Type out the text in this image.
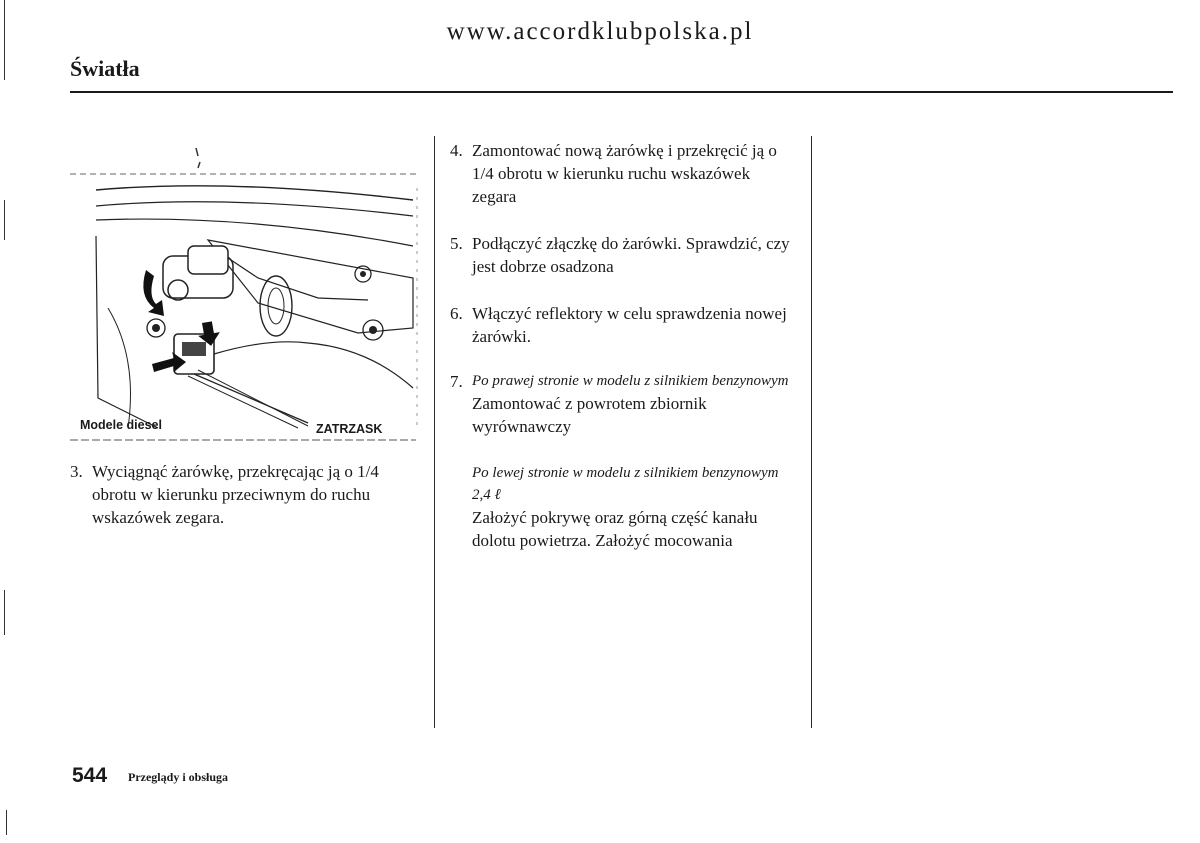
www.accordklubpolska.pl
Światła
Modele diesel	ZATRZASK
3. Wyciągnąć żarówkę, przekręcając ją o 1/4 obrotu w kierunku przeciwnym do ruchu wskazówek zegara.
4. Zamontować nową żarówkę i przekręcić ją o 1/4 obrotu w kierunku ruchu wskazówek zegara
5. Podłączyć złączkę do żarówki. Sprawdzić, czy jest dobrze osadzona
6. Włączyć reflektory w celu sprawdzenia nowej żarówki.
7. Po prawej stronie w modelu z silnikiem benzynowym
Zamontować z powrotem zbiornik wyrównawczy
Po lewej stronie w modelu z silnikiem benzynowym 2,4 ℓ
Założyć pokrywę oraz górną część kanału dolotu powietrza. Założyć mocowania
544 Przeglądy i obsługa
